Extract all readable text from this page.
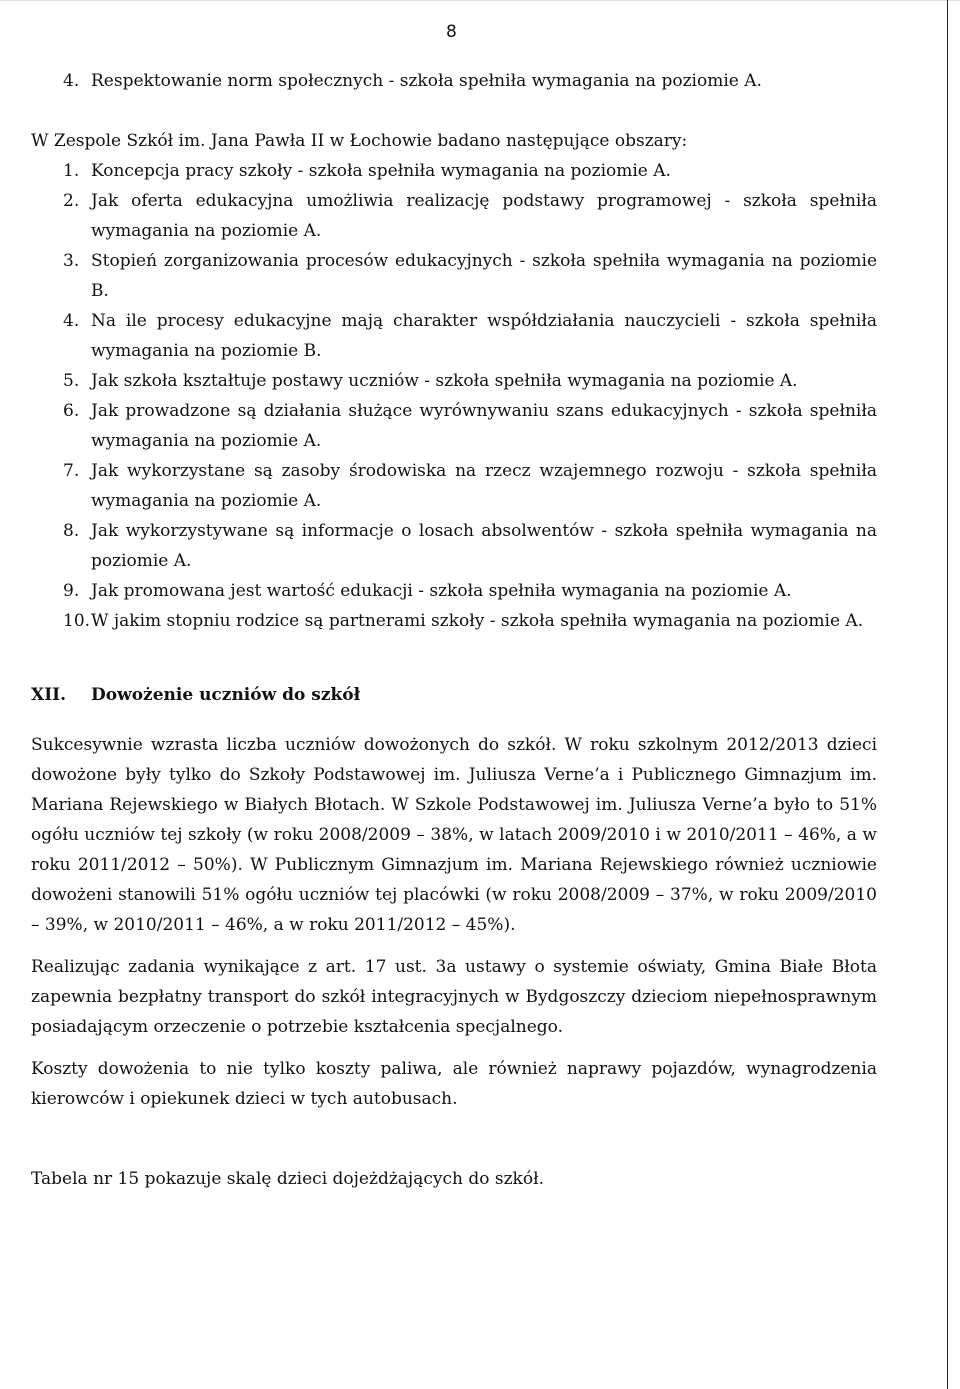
8
4. Respektowanie norm społecznych - szkoła spełniła wymagania na poziomie A.
W Zespole Szkół im. Jana Pawła II w Łochowie badano następujące obszary:
1. Koncepcja pracy szkoły - szkoła spełniła wymagania na poziomie A.
2. Jak oferta edukacyjna umożliwia realizację podstawy programowej - szkoła spełniła wymagania na poziomie A.
3. Stopień zorganizowania procesów edukacyjnych - szkoła spełniła wymagania na poziomie B.
4. Na ile procesy edukacyjne mają charakter współdziałania nauczycieli - szkoła spełniła wymagania na poziomie B.
5. Jak szkoła kształtuje postawy uczniów - szkoła spełniła wymagania na poziomie A.
6. Jak prowadzone są działania służące wyrównywaniu szans edukacyjnych - szkoła spełniła wymagania na poziomie A.
7. Jak wykorzystane są zasoby środowiska na rzecz wzajemnego rozwoju - szkoła spełniła wymagania na poziomie A.
8. Jak wykorzystywane są informacje o losach absolwentów - szkoła spełniła wymagania na poziomie A.
9. Jak promowana jest wartość edukacji - szkoła spełniła wymagania na poziomie A.
10. W jakim stopniu rodzice są partnerami szkoły - szkoła spełniła wymagania na poziomie A.
XII.	Dowożenie uczniów do szkół

Sukcesywnie wzrasta liczba uczniów dowożonych do szkół. W roku szkolnym 2012/2013 dzieci dowożone były tylko do Szkoły Podstawowej im. Juliusza Verne’a i Publicznego Gimnazjum im. Mariana Rejewskiego w Białych Błotach. W Szkole Podstawowej im. Juliusza Verne’a było to 51% ogółu uczniów tej szkoły (w roku 2008/2009 – 38%, w latach 2009/2010 i w 2010/2011 – 46%, a w roku 2011/2012 – 50%). W Publicznym Gimnazjum im. Mariana Rejewskiego również uczniowie dowożeni stanowili 51% ogółu uczniów tej placówki (w roku 2008/2009 – 37%, w roku 2009/2010 – 39%, w 2010/2011 – 46%, a w roku 2011/2012 – 45%).

Realizując zadania wynikające z art. 17 ust. 3a ustawy o systemie oświaty, Gmina Białe Błota zapewnia bezpłatny transport do szkół integracyjnych w Bydgoszczy dzieciom niepełnosprawnym posiadającym orzeczenie o potrzebie kształcenia specjalnego.

Koszty dowożenia to nie tylko koszty paliwa, ale również naprawy pojazdów, wynagrodzenia kierowców i opiekunek dzieci w tych autobusach.

Tabela nr 15 pokazuje skalę dzieci dojeżdżających do szkół.
